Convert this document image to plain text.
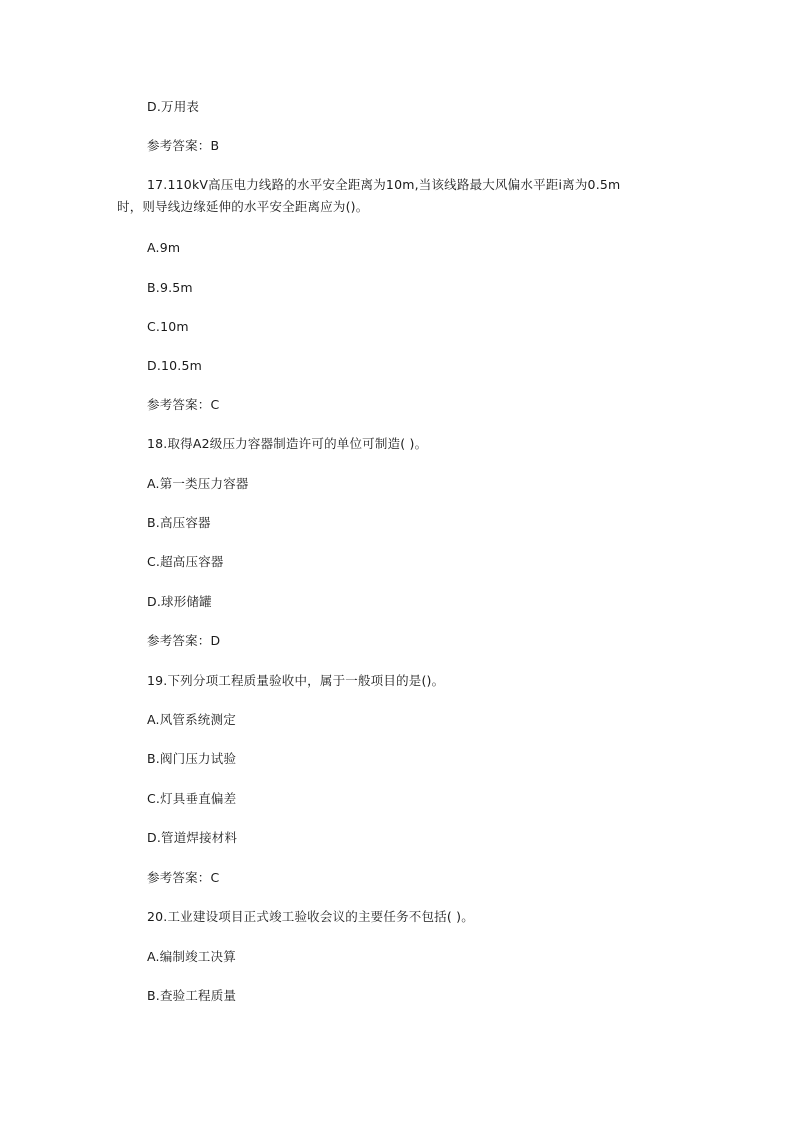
D.万用表
参考答案：B
17.110kV高压电力线路的水平安全距离为10m,当该线路最大风偏水平距i离为0.5m
时，则导线边缘延伸的水平安全距离应为()。
A.9m
B.9.5m
C.10m
D.10.5m
参考答案：C
18.取得A2级压力容器制造许可的单位可制造( )。
A.第一类压力容器
B.高压容器
C.超高压容器
D.球形储罐
参考答案：D
19.下列分项工程质量验收中，属于一般项目的是()。
A.风管系统测定
B.阀门压力试验
C.灯具垂直偏差
D.管道焊接材料
参考答案：C
20.工业建设项目正式竣工验收会议的主要任务不包括( )。
A.编制竣工决算
B.查验工程质量
